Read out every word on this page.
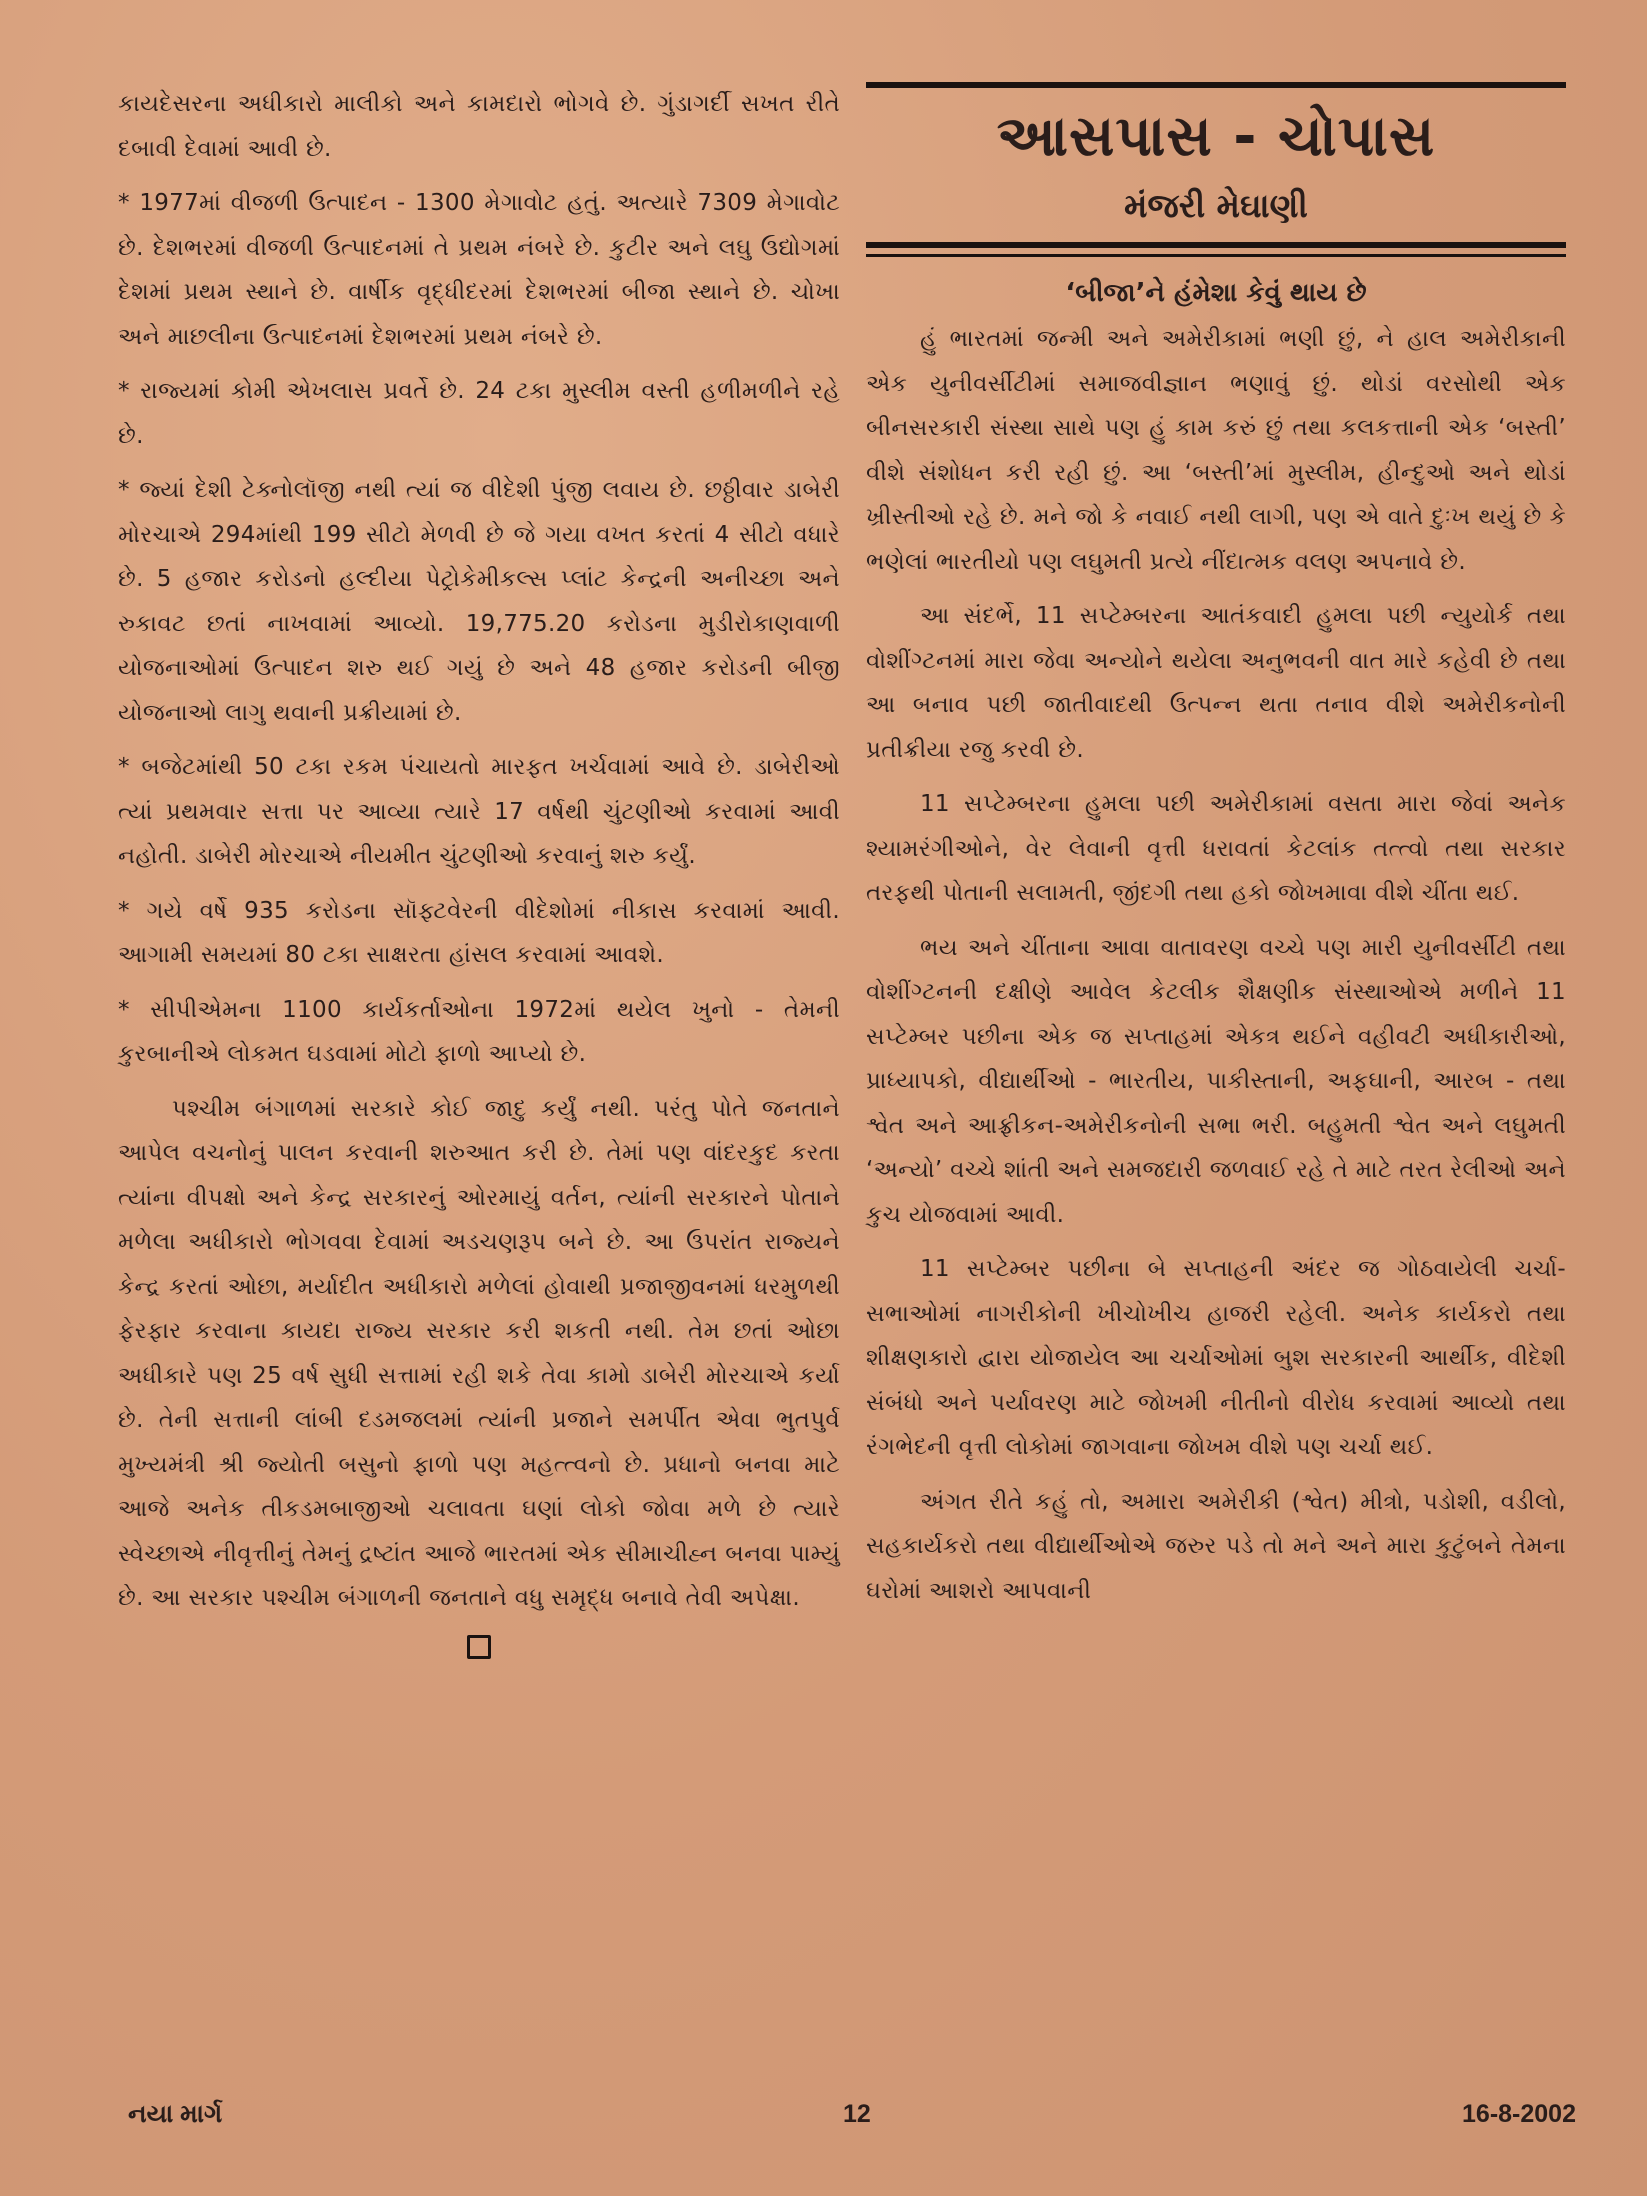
કાયદેસરના અધીકારો માલીકો અને કામદારો ભોગવે છે. ગુંડાગર્દી સખત રીતે દબાવી દેવામાં આવી છે.

* 1977માં વીજળી ઉત્પાદન - 1300 મેગાવોટ હતું. અત્યારે 7309 મેગાવોટ છે. દેશભરમાં વીજળી ઉત્પાદનમાં તે પ્રથમ નંબરે છે. કુટીર અને લઘુ ઉદ્યોગમાં દેશમાં પ્રથમ સ્થાને છે. વાર્ષીક વૃદ્ધીદરમાં દેશભરમાં બીજા સ્થાને છે. ચોખા અને માછલીના ઉત્પાદનમાં દેશભરમાં પ્રથમ નંબરે છે.

* રાજ્યમાં કોમી એખલાસ પ્રવર્તે છે. 24 ટકા મુસ્લીમ વસ્તી હળીમળીને રહે છે.

* જ્યાં દેશી ટેક્નોલૉજી નથી ત્યાં જ વીદેશી પુંજી લવાય છે. છઠ્ઠીવાર ડાબેરી મોરચાએ 294માંથી 199 સીટો મેળવી છે જે ગયા વખત કરતાં 4 સીટો વધારે છે. 5 હજાર કરોડનો હલ્દીયા પેટ્રોકેમીકલ્સ પ્લાંટ કેન્દ્રની અનીચ્છા અને રુકાવટ છતાં નાખવામાં આવ્યો. 19,775.20 કરોડના મુડીરોકાણવાળી યોજનાઓમાં ઉત્પાદન શરુ થઈ ગયું છે અને 48 હજાર કરોડની બીજી યોજનાઓ લાગુ થવાની પ્રક્રીયામાં છે.

* બજેટમાંથી 50 ટકા રકમ પંચાયતો મારફત ખર્ચવામાં આવે છે. ડાબેરીઓ ત્યાં પ્રથમવાર સત્તા પર આવ્યા ત્યારે 17 વર્ષથી ચુંટણીઓ કરવામાં આવી નહોતી. ડાબેરી મોરચાએ નીયમીત ચુંટણીઓ કરવાનું શરુ કર્યું.

* ગયે વર્ષે 935 કરોડના સૉફ્ટવેરની વીદેશોમાં નીકાસ કરવામાં આવી. આગામી સમયમાં 80 ટકા સાક્ષરતા હાંસલ કરવામાં આવશે.

* સીપીએમના 1100 કાર્યકર્તાઓના 1972માં થયેલ ખુનો - તેમની કુરબાનીએ લોકમત ઘડવામાં મોટો ફાળો આપ્યો છે.

પશ્ચીમ બંગાળમાં સરકારે કોઈ જાદુ કર્યું નથી. પરંતુ પોતે જનતાને આપેલ વચનોનું પાલન કરવાની શરુઆત કરી છે. તેમાં પણ વાંદરકુદ કરતા ત્યાંના વીપક્ષો અને કેન્દ્ર સરકારનું ઓરમાયું વર્તન, ત્યાંની સરકારને પોતાને મળેલા અધીકારો ભોગવવા દેવામાં અડચણરૂપ બને છે. આ ઉપરાંત રાજ્યને કેન્દ્ર કરતાં ઓછા, મર્યાદીત અધીકારો મળેલાં હોવાથી પ્રજાજીવનમાં ધરમુળથી ફેરફાર કરવાના કાયદા રાજ્ય સરકાર કરી શકતી નથી. તેમ છતાં ઓછા અધીકારે પણ 25 વર્ષ સુધી સત્તામાં રહી શકે તેવા કામો ડાબેરી મોરચાએ કર્યા છે. તેની સત્તાની લાંબી દડમજલમાં ત્યાંની પ્રજાને સમર્પીત એવા ભુતપુર્વ મુખ્યમંત્રી શ્રી જ્યોતી બસુનો ફાળો પણ મહત્ત્વનો છે. પ્રધાનો બનવા માટે આજે અનેક તીકડમબાજીઓ ચલાવતા ઘણાં લોકો જોવા મળે છે ત્યારે સ્વેચ્છાએ નીવૃત્તીનું તેમનું દ્રષ્ટાંત આજે ભારતમાં એક સીમાચીહ્ન બનવા પામ્યું છે. આ સરકાર પશ્ચીમ બંગાળની જનતાને વધુ સમૃદ્ધ બનાવે તેવી અપેક્ષા.

આસપાસ - ચોપાસ
મંજરી મેઘાણી
‘બીજા’ને હંમેશા કેવું થાય છે

હું ભારતમાં જન્મી અને અમેરીકામાં ભણી છું, ને હાલ અમેરીકાની એક યુનીવર્સીટીમાં સમાજવીજ્ઞાન ભણાવું છું. થોડાં વરસોથી એક બીનસરકારી સંસ્થા સાથે પણ હું કામ કરું છું તથા કલકત્તાની એક ‘બસ્તી’ વીશે સંશોધન કરી રહી છું. આ ‘બસ્તી’માં મુસ્લીમ, હીન્દુઓ અને થોડાં ખ્રીસ્તીઓ રહે છે. મને જો કે નવાઈ નથી લાગી, પણ એ વાતે દુઃખ થયું છે કે ભણેલાં ભારતીયો પણ લઘુમતી પ્રત્યે નીંદાત્મક વલણ અપનાવે છે.

આ સંદર્ભે, 11 સપ્ટેમ્બરના આતંકવાદી હુમલા પછી ન્યુયોર્ક તથા વોશીંગ્ટનમાં મારા જેવા અન્યોને થયેલા અનુભવની વાત મારે કહેવી છે તથા આ બનાવ પછી જાતીવાદથી ઉત્પન્ન થતા તનાવ વીશે અમેરીકનોની પ્રતીક્રીયા રજુ કરવી છે.

11 સપ્ટેમ્બરના હુમલા પછી અમેરીકામાં વસતા મારા જેવાં અનેક શ્યામરંગીઓને, વેર લેવાની વૃત્તી ધરાવતાં કેટલાંક તત્ત્વો તથા સરકાર તરફથી પોતાની સલામતી, જીંદગી તથા હકો જોખમાવા વીશે ચીંતા થઈ.

ભય અને ચીંતાના આવા વાતાવરણ વચ્ચે પણ મારી યુનીવર્સીટી તથા વોશીંગ્ટનની દક્ષીણે આવેલ કેટલીક શૈક્ષણીક સંસ્થાઓએ મળીને 11 સપ્ટેમ્બર પછીના એક જ સપ્તાહમાં એકત્ર થઈને વહીવટી અધીકારીઓ, પ્રાધ્યાપકો, વીદ્યાર્થીઓ - ભારતીય, પાકીસ્તાની, અફઘાની, આરબ - તથા શ્વેત અને આફ્રીકન-અમેરીકનોની સભા ભરી. બહુમતી શ્વેત અને લઘુમતી ‘અન્યો’ વચ્ચે શાંતી અને સમજદારી જળવાઈ રહે તે માટે તરત રેલીઓ અને કુચ યોજવામાં આવી.

11 સપ્ટેમ્બર પછીના બે સપ્તાહની અંદર જ ગોઠવાયેલી ચર્ચા-સભાઓમાં નાગરીકોની ખીચોખીચ હાજરી રહેલી. અનેક કાર્યકરો તથા શીક્ષણકારો દ્વારા યોજાયેલ આ ચર્ચાઓમાં બુશ સરકારની આર્થીક, વીદેશી સંબંધો અને પર્યાવરણ માટે જોખમી નીતીનો વીરોધ કરવામાં આવ્યો તથા રંગભેદની વૃત્તી લોકોમાં જાગવાના જોખમ વીશે પણ ચર્ચા થઈ.

અંગત રીતે કહું તો, અમારા અમેરીકી (શ્વેત) મીત્રો, પડોશી, વડીલો, સહકાર્યકરો તથા વીદ્યાર્થીઓએ જરુર પડે તો મને અને મારા કુટુંબને તેમના ઘરોમાં આશરો આપવાની

નયા માર્ગ	12	16-8-2002
